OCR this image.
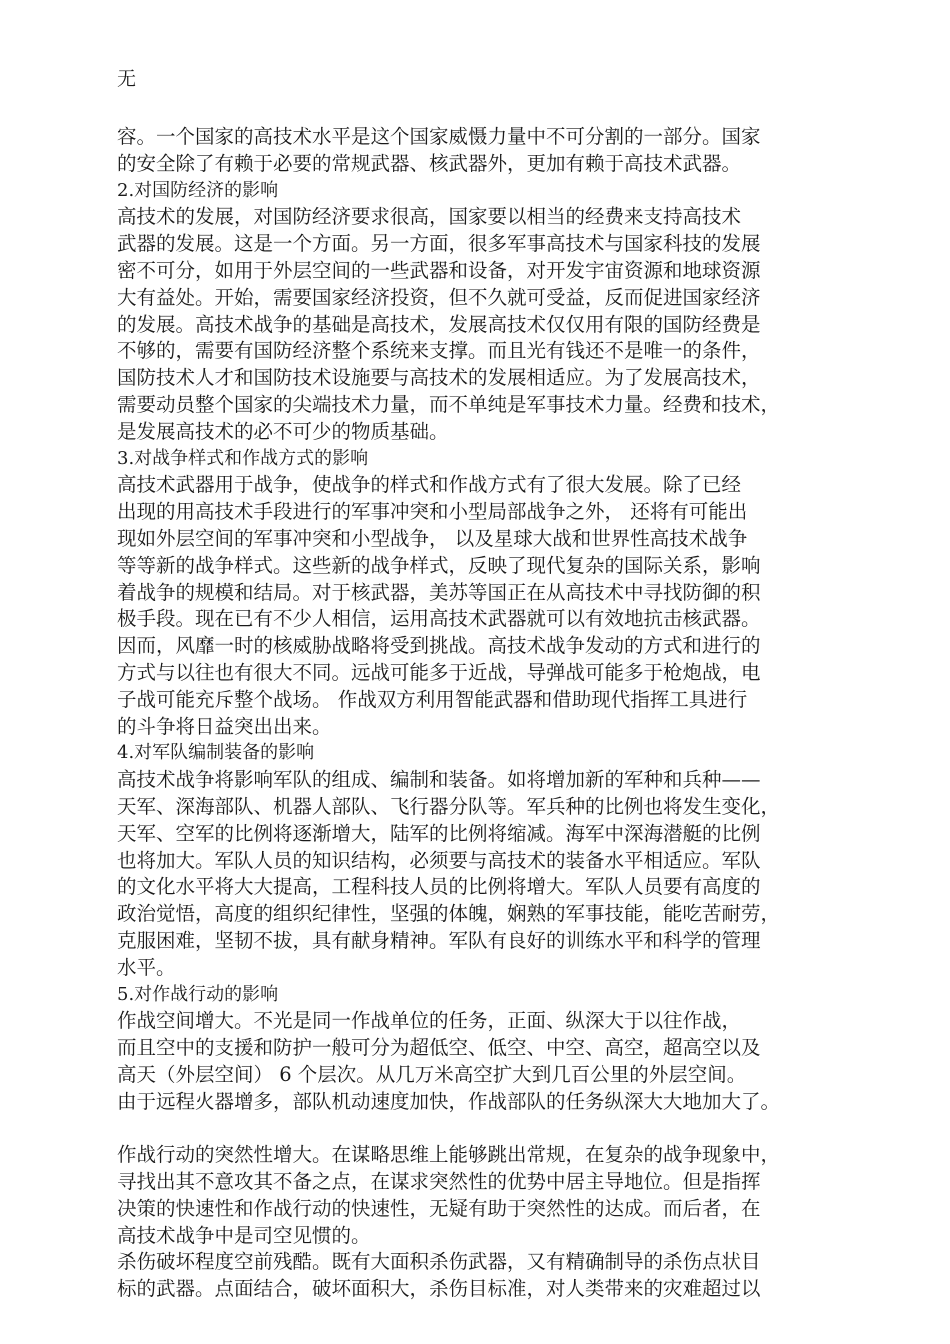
无
容。一个国家的高技术水平是这个国家威慑力量中不可分割的一部分。国家
的安全除了有赖于必要的常规武器、核武器外，更加有赖于高技术武器。
2.对国防经济的影响
高技术的发展，对国防经济要求很高，国家要以相当的经费来支持高技术
武器的发展。这是一个方面。另一方面，很多军事高技术与国家科技的发展
密不可分，如用于外层空间的一些武器和设备，对开发宇宙资源和地球资源
大有益处。开始，需要国家经济投资，但不久就可受益，反而促进国家经济
的发展。高技术战争的基础是高技术，发展高技术仅仅用有限的国防经费是
不够的，需要有国防经济整个系统来支撑。而且光有钱还不是唯一的条件，
国防技术人才和国防技术设施要与高技术的发展相适应。为了发展高技术，
需要动员整个国家的尖端技术力量，而不单纯是军事技术力量。经费和技术，
是发展高技术的必不可少的物质基础。
3.对战争样式和作战方式的影响
高技术武器用于战争，使战争的样式和作战方式有了很大发展。除了已经
出现的用高技术手段进行的军事冲突和小型局部战争之外， 还将有可能出
现如外层空间的军事冲突和小型战争， 以及星球大战和世界性高技术战争
等等新的战争样式。这些新的战争样式，反映了现代复杂的国际关系，影响
着战争的规模和结局。对于核武器，美苏等国正在从高技术中寻找防御的积
极手段。现在已有不少人相信，运用高技术武器就可以有效地抗击核武器。
因而，风靡一时的核威胁战略将受到挑战。高技术战争发动的方式和进行的
方式与以往也有很大不同。远战可能多于近战，导弹战可能多于枪炮战，电
子战可能充斥整个战场。 作战双方利用智能武器和借助现代指挥工具进行
的斗争将日益突出出来。
4.对军队编制装备的影响
高技术战争将影响军队的组成、编制和装备。如将增加新的军种和兵种——
天军、深海部队、机器人部队、飞行器分队等。军兵种的比例也将发生变化，
天军、空军的比例将逐渐增大，陆军的比例将缩减。海军中深海潜艇的比例
也将加大。军队人员的知识结构，必须要与高技术的装备水平相适应。军队
的文化水平将大大提高，工程科技人员的比例将增大。军队人员要有高度的
政治觉悟，高度的组织纪律性，坚强的体魄，娴熟的军事技能，能吃苦耐劳，
克服困难，坚韧不拔，具有献身精神。军队有良好的训练水平和科学的管理
水平。
5.对作战行动的影响
作战空间增大。不光是同一作战单位的任务，正面、纵深大于以往作战，
而且空中的支援和防护一般可分为超低空、低空、中空、高空，超高空以及
高天（外层空间） 6 个层次。从几万米高空扩大到几百公里的外层空间。
由于远程火器增多，部队机动速度加快，作战部队的任务纵深大大地加大了。
作战行动的突然性增大。在谋略思维上能够跳出常规，在复杂的战争现象中，
寻找出其不意攻其不备之点，在谋求突然性的优势中居主导地位。但是指挥
决策的快速性和作战行动的快速性，无疑有助于突然性的达成。而后者，在
高技术战争中是司空见惯的。
杀伤破坏程度空前残酷。既有大面积杀伤武器，又有精确制导的杀伤点状目
标的武器。点面结合，破坏面积大，杀伤目标准，对人类带来的灾难超过以
